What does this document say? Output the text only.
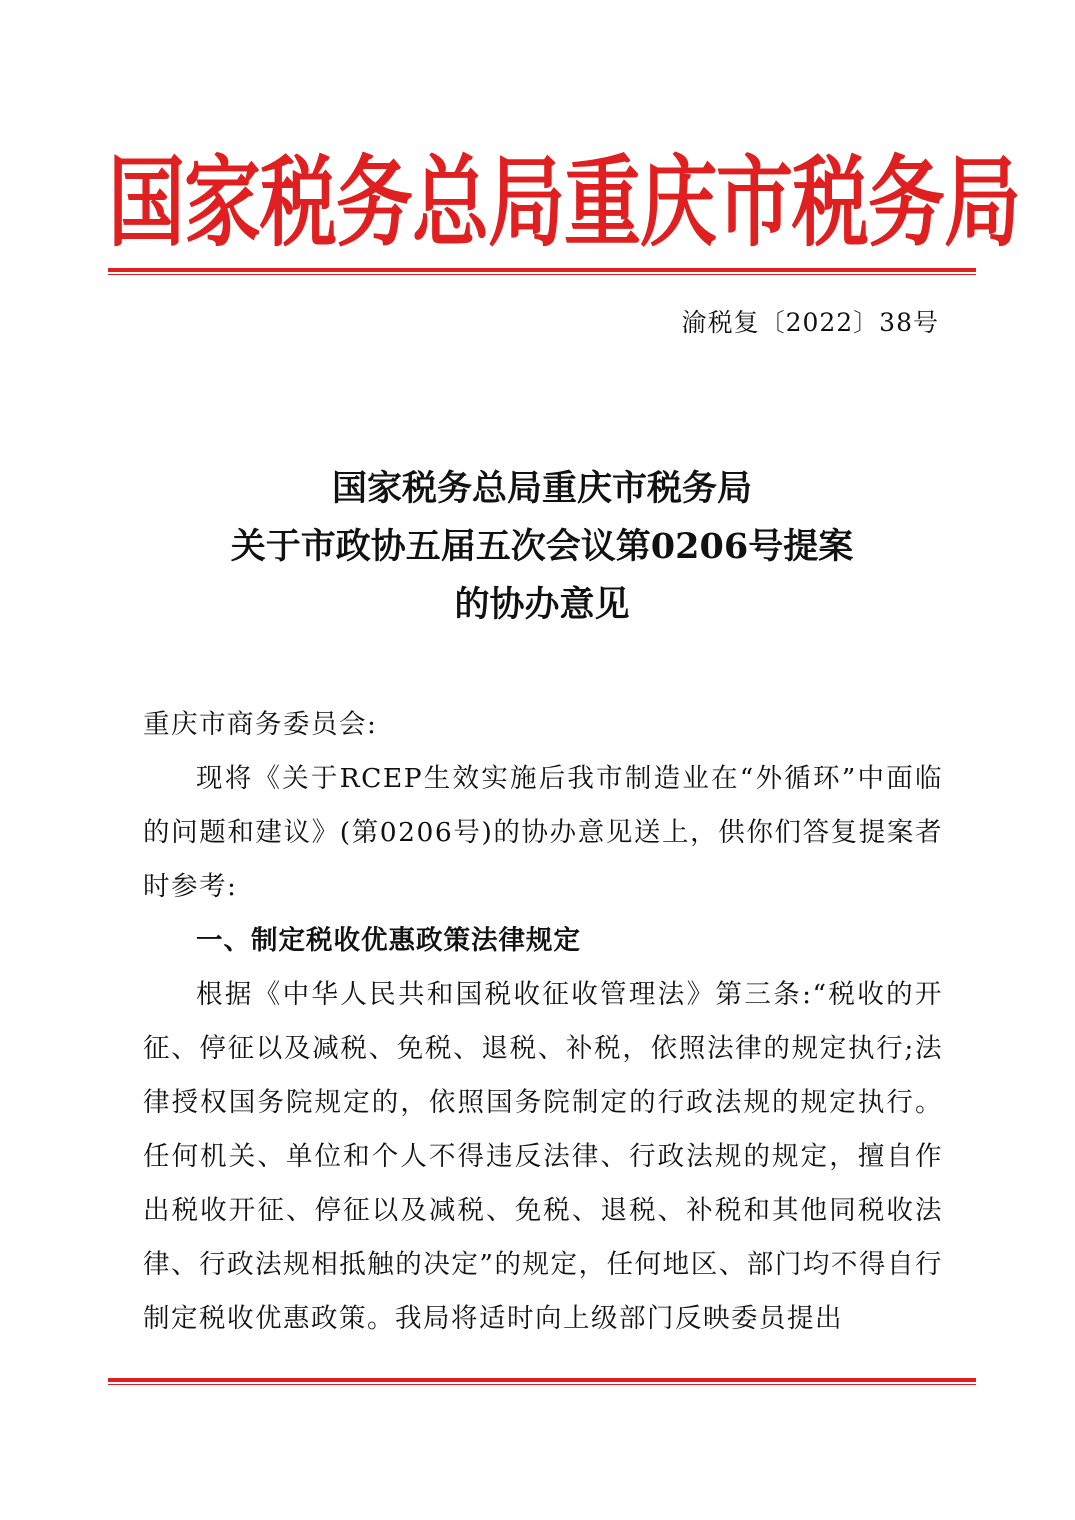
国家税务总局重庆市税务局
渝税复〔2022〕38号
国家税务总局重庆市税务局
关于市政协五届五次会议第0206号提案
的协办意见

重庆市商务委员会:

现将《关于RCEP生效实施后我市制造业在“外循环”中面临的问题和建议》(第0206号)的协办意见送上，供你们答复提案者时参考:

一、制定税收优惠政策法律规定

根据《中华人民共和国税收征收管理法》第三条:“税收的开征、停征以及减税、免税、退税、补税，依照法律的规定执行;法律授权国务院规定的，依照国务院制定的行政法规的规定执行。任何机关、单位和个人不得违反法律、行政法规的规定，擅自作出税收开征、停征以及减税、免税、退税、补税和其他同税收法律、行政法规相抵触的决定”的规定，任何地区、部门均不得自行制定税收优惠政策。我局将适时向上级部门反映委员提出
